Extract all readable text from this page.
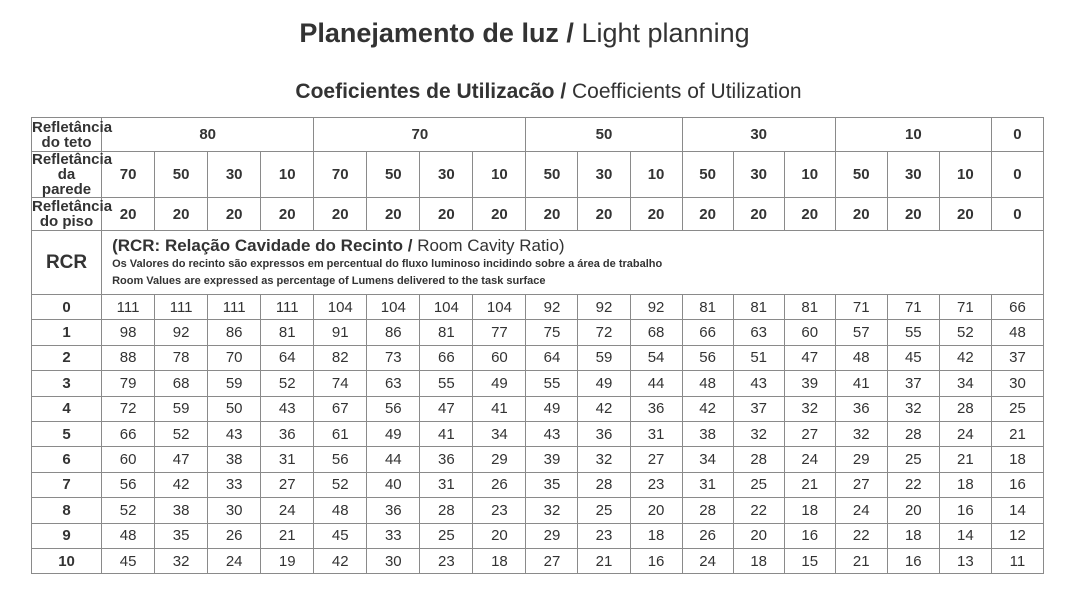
Planejamento de luz / Light planning
Coeficientes de Utilizacão / Coefficients of Utilization
Refletância do teto	80				70				50			30			10			0
Refletância da parede	70	50	30	10	70	50	30	10	50	30	10	50	30	10	50	30	10	0
Refletância do piso	20	20	20	20	20	20	20	20	20	20	20	20	20	20	20	20	20	0
RCR	(RCR: Relação Cavidade do Recinto / Room Cavity Ratio)
Os Valores do recinto são expressos em percentual do fluxo luminoso incidindo sobre a área de trabalho
Room Values are expressed as percentage of Lumens delivered to the task surface																	

0	111	111	111	111	104	104	104	104	92	92	92	81	81	81	71	71	71	66
1	98	92	86	81	91	86	81	77	75	72	68	66	63	60	57	55	52	48
2	88	78	70	64	82	73	66	60	64	59	54	56	51	47	48	45	42	37
3	79	68	59	52	74	63	55	49	55	49	44	48	43	39	41	37	34	30
4	72	59	50	43	67	56	47	41	49	42	36	42	37	32	36	32	28	25
5	66	52	43	36	61	49	41	34	43	36	31	38	32	27	32	28	24	21
6	60	47	38	31	56	44	36	29	39	32	27	34	28	24	29	25	21	18
7	56	42	33	27	52	40	31	26	35	28	23	31	25	21	27	22	18	16
8	52	38	30	24	48	36	28	23	32	25	20	28	22	18	24	20	16	14
9	48	35	26	21	45	33	25	20	29	23	18	26	20	16	22	18	14	12
10	45	32	24	19	42	30	23	18	27	21	16	24	18	15	21	16	13	11
